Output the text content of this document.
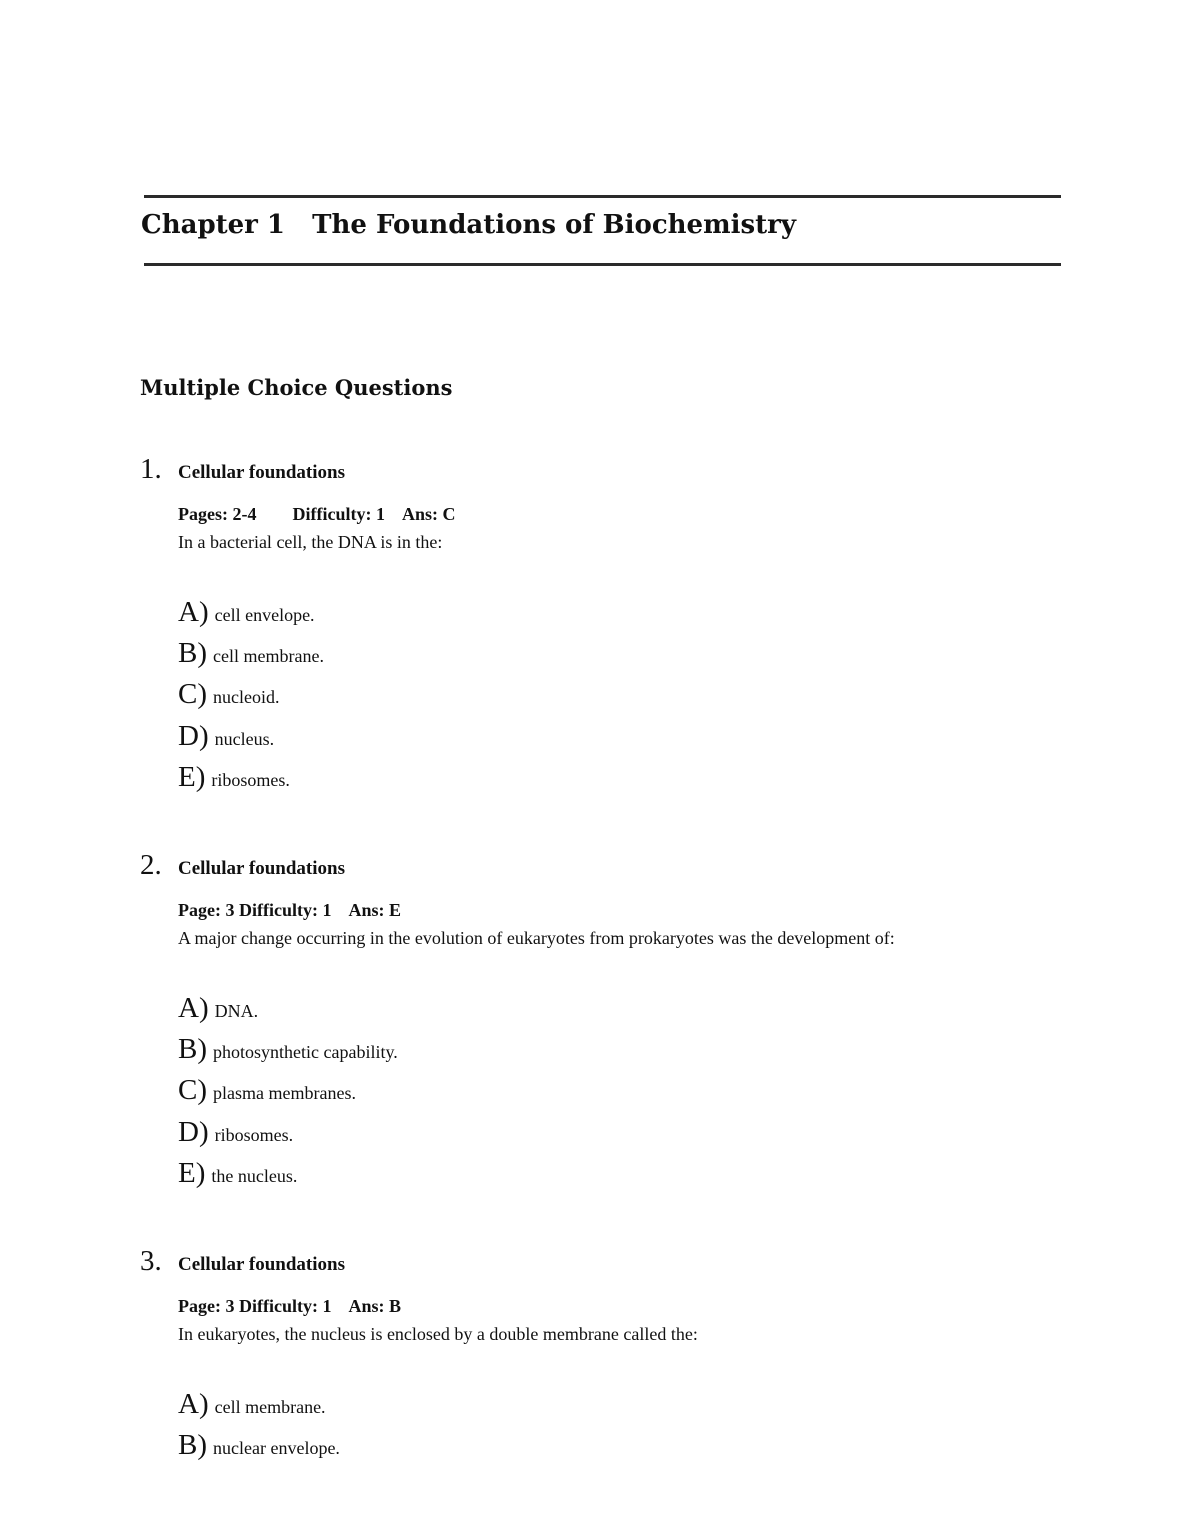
Chapter 1   The Foundations of Biochemistry
Multiple Choice Questions
1. Cellular foundations
Pages: 2-4        Difficulty: 1    Ans: C
In a bacterial cell, the DNA is in the:
A) cell envelope.
B) cell membrane.
C) nucleoid.
D) nucleus.
E) ribosomes.
2. Cellular foundations
Page: 3 Difficulty: 1    Ans: E
A major change occurring in the evolution of eukaryotes from prokaryotes was the development of:
A) DNA.
B) photosynthetic capability.
C) plasma membranes.
D) ribosomes.
E) the nucleus.
3. Cellular foundations
Page: 3 Difficulty: 1    Ans: B
In eukaryotes, the nucleus is enclosed by a double membrane called the:
A) cell membrane.
B) nuclear envelope.
